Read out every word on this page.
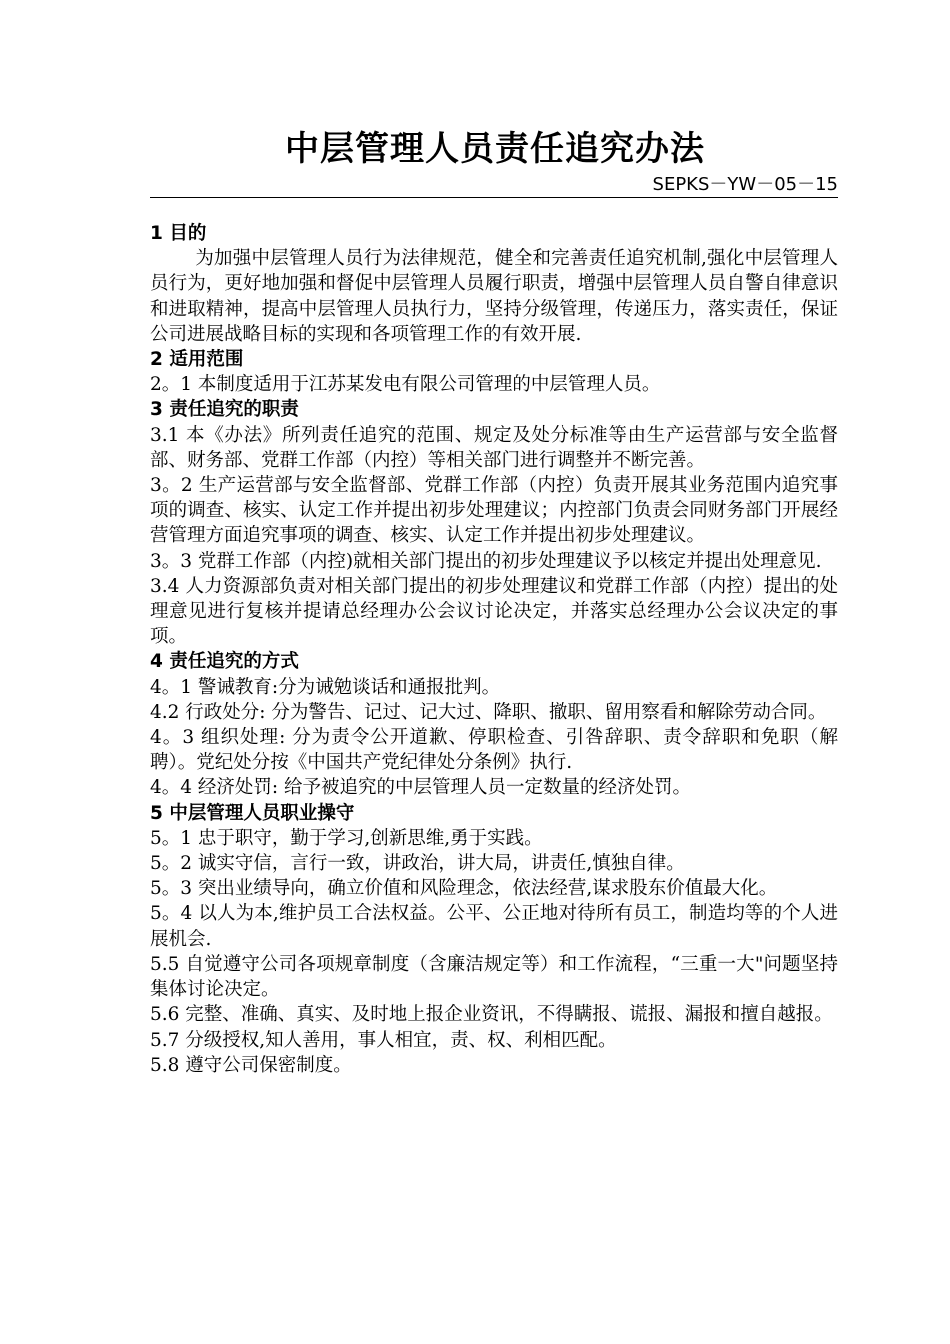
中层管理人员责任追究办法
SEPKS－YW－05－15
1 目的

为加强中层管理人员行为法律规范，健全和完善责任追究机制,强化中层管理人员行为，更好地加强和督促中层管理人员履行职责，增强中层管理人员自警自律意识和进取精神，提高中层管理人员执行力，坚持分级管理，传递压力，落实责任，保证公司进展战略目标的实现和各项管理工作的有效开展.

2 适用范围

2。1 本制度适用于江苏某发电有限公司管理的中层管理人员。

3 责任追究的职责

3.1 本《办法》所列责任追究的范围、规定及处分标准等由生产运营部与安全监督部、财务部、党群工作部（内控）等相关部门进行调整并不断完善。

3。2 生产运营部与安全监督部、党群工作部（内控）负责开展其业务范围内追究事项的调查、核实、认定工作并提出初步处理建议；内控部门负责会同财务部门开展经营管理方面追究事项的调查、核实、认定工作并提出初步处理建议。

3。3 党群工作部（内控)就相关部门提出的初步处理建议予以核定并提出处理意见.

3.4 人力资源部负责对相关部门提出的初步处理建议和党群工作部（内控）提出的处理意见进行复核并提请总经理办公会议讨论决定，并落实总经理办公会议决定的事项。

4 责任追究的方式

4。1 警诫教育:分为诫勉谈话和通报批判。

4.2 行政处分: 分为警告、记过、记大过、降职、撤职、留用察看和解除劳动合同。

4。3 组织处理: 分为责令公开道歉、停职检查、引咎辞职、责令辞职和免职（解聘）。党纪处分按《中国共产党纪律处分条例》执行.

4。4 经济处罚: 给予被追究的中层管理人员一定数量的经济处罚。

5 中层管理人员职业操守

5。1 忠于职守，勤于学习,创新思维,勇于实践。

5。2 诚实守信，言行一致，讲政治，讲大局，讲责任,慎独自律。

5。3 突出业绩导向，确立价值和风险理念，依法经营,谋求股东价值最大化。

5。4 以人为本,维护员工合法权益。公平、公正地对待所有员工，制造均等的个人进展机会.

5.5 自觉遵守公司各项规章制度（含廉洁规定等）和工作流程，“三重一大"问题坚持集体讨论决定。

5.6 完整、准确、真实、及时地上报企业资讯，不得瞒报、谎报、漏报和擅自越报。

5.7 分级授权,知人善用，事人相宜，责、权、利相匹配。

5.8 遵守公司保密制度。
